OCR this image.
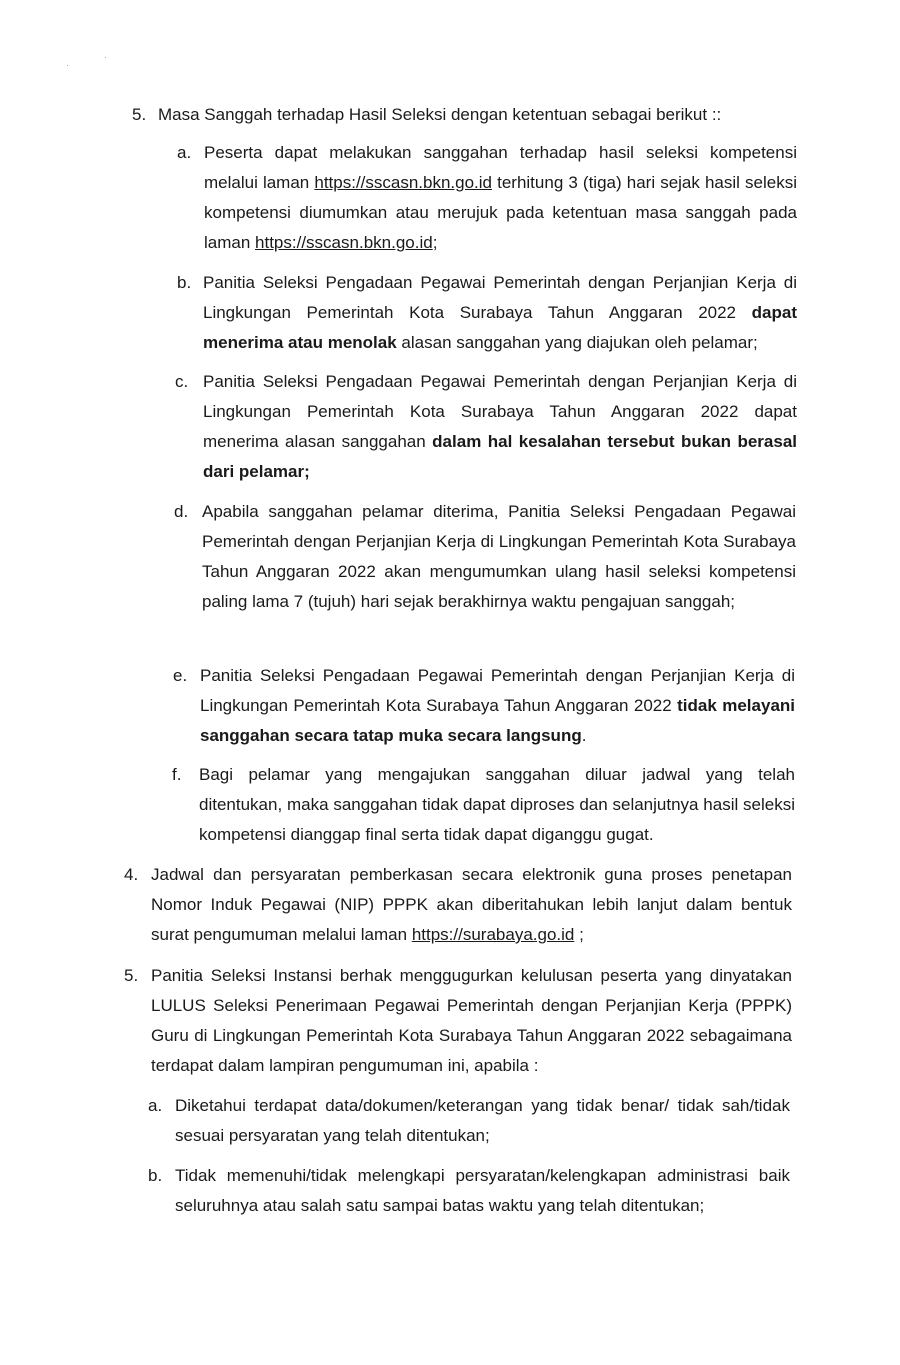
·
·
5. Masa Sanggah terhadap Hasil Seleksi dengan ketentuan sebagai berikut ::
a. Peserta dapat melakukan sanggahan terhadap hasil seleksi kompetensi melalui laman https://sscasn.bkn.go.id terhitung 3 (tiga) hari sejak hasil seleksi kompetensi diumumkan atau merujuk pada ketentuan masa sanggah pada laman https://sscasn.bkn.go.id;
b. Panitia Seleksi Pengadaan Pegawai Pemerintah dengan Perjanjian Kerja di Lingkungan Pemerintah Kota Surabaya Tahun Anggaran 2022 dapat menerima atau menolak alasan sanggahan yang diajukan oleh pelamar;
c. Panitia Seleksi Pengadaan Pegawai Pemerintah dengan Perjanjian Kerja di Lingkungan Pemerintah Kota Surabaya Tahun Anggaran 2022 dapat menerima alasan sanggahan dalam hal kesalahan tersebut bukan berasal dari pelamar;
d. Apabila sanggahan pelamar diterima, Panitia Seleksi Pengadaan Pegawai Pemerintah dengan Perjanjian Kerja di Lingkungan Pemerintah Kota Surabaya Tahun Anggaran 2022 akan mengumumkan ulang hasil seleksi kompetensi paling lama 7 (tujuh) hari sejak berakhirnya waktu pengajuan sanggah;
e. Panitia Seleksi Pengadaan Pegawai Pemerintah dengan Perjanjian Kerja di Lingkungan Pemerintah Kota Surabaya Tahun Anggaran 2022 tidak melayani sanggahan secara tatap muka secara langsung.
f. Bagi pelamar yang mengajukan sanggahan diluar jadwal yang telah ditentukan, maka sanggahan tidak dapat diproses dan selanjutnya hasil seleksi kompetensi dianggap final serta tidak dapat diganggu gugat.
4. Jadwal dan persyaratan pemberkasan secara elektronik guna proses penetapan Nomor Induk Pegawai (NIP) PPPK akan diberitahukan lebih lanjut dalam bentuk surat pengumuman melalui laman https://surabaya.go.id ;
5. Panitia Seleksi Instansi berhak menggugurkan kelulusan peserta yang dinyatakan LULUS Seleksi Penerimaan Pegawai Pemerintah dengan Perjanjian Kerja (PPPK) Guru di Lingkungan Pemerintah Kota Surabaya Tahun Anggaran 2022 sebagaimana terdapat dalam lampiran pengumuman ini, apabila :
a. Diketahui terdapat data/dokumen/keterangan yang tidak benar/ tidak sah/tidak sesuai persyaratan yang telah ditentukan;
b. Tidak memenuhi/tidak melengkapi persyaratan/kelengkapan administrasi baik seluruhnya atau salah satu sampai batas waktu yang telah ditentukan;
